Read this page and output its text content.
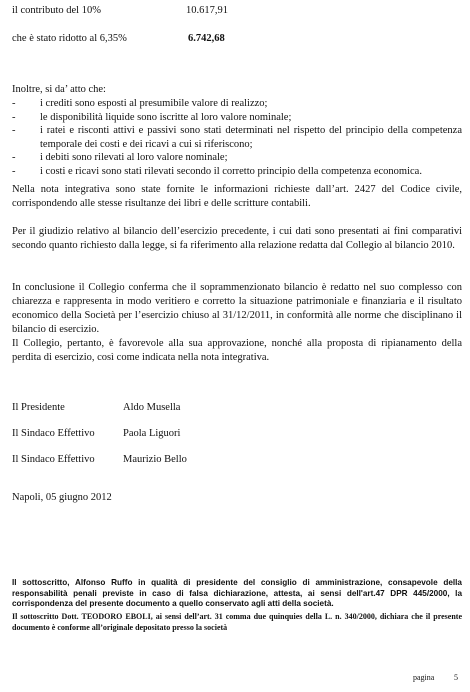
il contributo del 10%	10.617,91
che è stato ridotto al 6,35%	6.742,68
Inoltre, si da’ atto che:
-	i crediti sono esposti al presumibile valore di realizzo;
-	le disponibilità liquide sono iscritte al loro valore nominale;
-	i ratei e risconti attivi e passivi sono stati determinati nel rispetto del principio della competenza temporale dei costi e dei ricavi a cui si riferiscono;
-	i debiti sono rilevati al loro valore nominale;
-	i costi e ricavi sono stati rilevati secondo il corretto principio della competenza economica.
Nella nota integrativa sono state fornite le informazioni richieste dall’art. 2427 del Codice civile, corrispondendo alle stesse risultanze dei libri e delle scritture contabili.
Per il giudizio relativo al bilancio dell’esercizio precedente, i cui dati sono presentati ai fini comparativi secondo quanto richiesto dalla legge, si fa riferimento alla relazione redatta dal Collegio al bilancio 2010.
In conclusione il Collegio conferma che il soprammenzionato bilancio è redatto nel suo complesso con chiarezza e rappresenta in modo veritiero e corretto la situazione patrimoniale e finanziaria e il risultato economico della Società per l’esercizio chiuso al 31/12/2011, in conformità alle norme che disciplinano il bilancio di esercizio.
Il Collegio, pertanto, è favorevole alla sua approvazione, nonché alla proposta di ripianamento della perdita di esercizio, così come indicata nella nota integrativa.
Il Presidente	Aldo Musella
Il Sindaco Effettivo	Paola Liguori
Il Sindaco Effettivo	Maurizio Bello
Napoli, 05 giugno 2012
Il sottoscritto, Alfonso Ruffo in qualità di presidente del consiglio di amministrazione, consapevole della responsabilità penali previste in caso di falsa dichiarazione, attesta, ai sensi dell'art.47 DPR 445/2000, la corrispondenza del presente documento a quello conservato agli atti della società.
Il sottoscritto Dott. TEODORO EBOLI, ai sensi dell’art. 31 comma due quinquies della L. n. 340/2000, dichiara che il presente documento è conforme all’originale depositato presso la società
pagina 5
